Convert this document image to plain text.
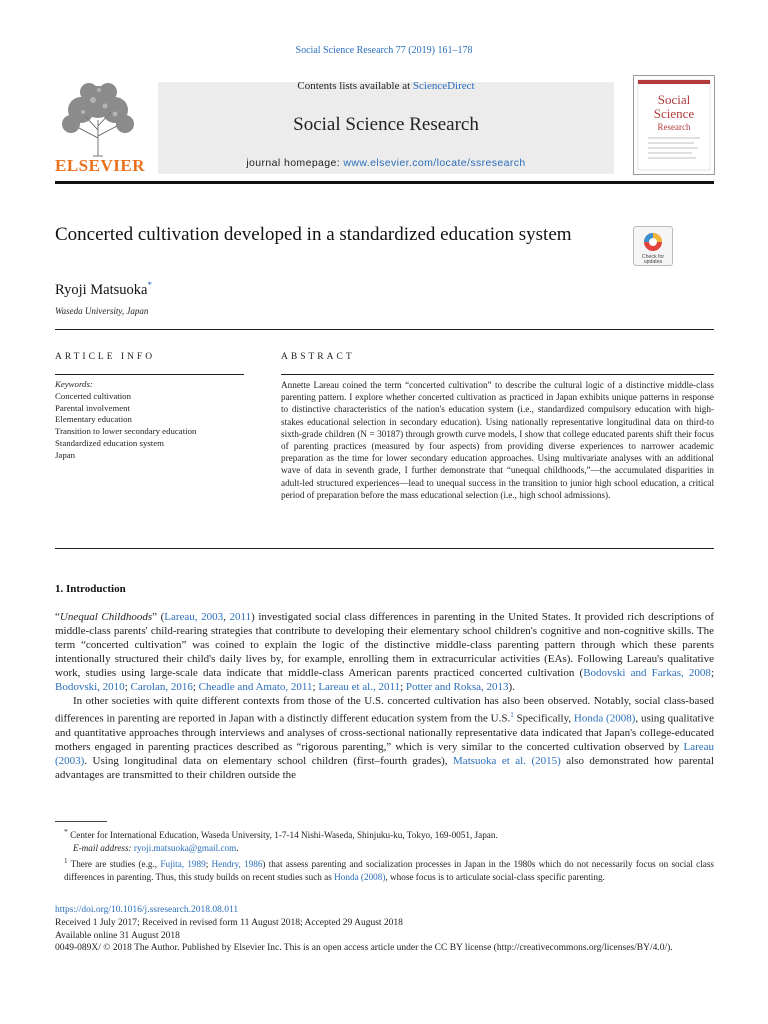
Social Science Research 77 (2019) 161–178
ELSEVIER
Contents lists available at ScienceDirect
Social Science Research
journal homepage: www.elsevier.com/locate/ssresearch
Social
Science
Research
Concerted cultivation developed in a standardized education system
Check for
updates
Ryoji Matsuoka*
Waseda University, Japan
ARTICLE INFO	ABSTRACT
Keywords:
Concerted cultivation
Parental involvement
Elementary education
Transition to lower secondary education
Standardized education system
Japan
Annette Lareau coined the term “concerted cultivation” to describe the cultural logic of a distinctive middle-class parenting pattern. I explore whether concerted cultivation as practiced in Japan exhibits unique patterns in response to distinctive characteristics of the nation's education system (i.e., standardized compulsory education with high-stakes educational selection in secondary education). Using nationally representative longitudinal data on third-to sixth-grade children (N = 30187) through growth curve models, I show that college educated parents shift their focus of parenting practices (measured by four aspects) from providing diverse experiences to narrower academic preparation as the time for lower secondary education approaches. Using multivariate analyses with an additional wave of data in seventh grade, I further demonstrate that “unequal childhoods,”—the accumulated disparities in adult-led structured experiences—lead to unequal success in the transition to junior high school education, a critical period of preparation before the mass educational selection (i.e., high school admissions).
1. Introduction

“Unequal Childhoods” (Lareau, 2003, 2011) investigated social class differences in parenting in the United States. It provided rich descriptions of middle-class parents' child-rearing strategies that contribute to developing their elementary school children's cognitive and non-cognitive skills. The term “concerted cultivation” was coined to explain the logic of the distinctive middle-class parenting pattern through which these parents intentionally structured their child's daily lives by, for example, enrolling them in extracurricular activities (EAs). Following Lareau's qualitative work, studies using large-scale data indicate that middle-class American parents practiced concerted cultivation (Bodovski and Farkas, 2008; Bodovski, 2010; Carolan, 2016; Cheadle and Amato, 2011; Lareau et al., 2011; Potter and Roksa, 2013).

In other societies with quite different contexts from those of the U.S. concerted cultivation has also been observed. Notably, social class-based differences in parenting are reported in Japan with a distinctly different education system from the U.S.$^1$ Specifically, Honda (2008), using qualitative and quantitative approaches through interviews and analyses of cross-sectional nationally representative data indicated that Japan's college-educated mothers engaged in parenting practices described as “rigorous parenting,” which is very similar to the concerted cultivation observed by Lareau (2003). Using longitudinal data on elementary school children (first–fourth grades), Matsuoka et al. (2015) also demonstrated how parental advantages are transmitted to their children outside the

* Center for International Education, Waseda University, 1-7-14 Nishi-Waseda, Shinjuku-ku, Tokyo, 169-0051, Japan.

E-mail address: ryoji.matsuoka@gmail.com.

$^1$ There are studies (e.g., Fujita, 1989; Hendry, 1986) that assess parenting and socialization processes in Japan in the 1980s which do not necessarily focus on social class differences in parenting. Thus, this study builds on recent studies such as Honda (2008), whose focus is to articulate social-class specific parenting.

https://doi.org/10.1016/j.ssresearch.2018.08.011

Received 1 July 2017; Received in revised form 11 August 2018; Accepted 29 August 2018

Available online 31 August 2018

0049-089X/ © 2018 The Author. Published by Elsevier Inc. This is an open access article under the CC BY license (http://creativecommons.org/licenses/BY/4.0/).
